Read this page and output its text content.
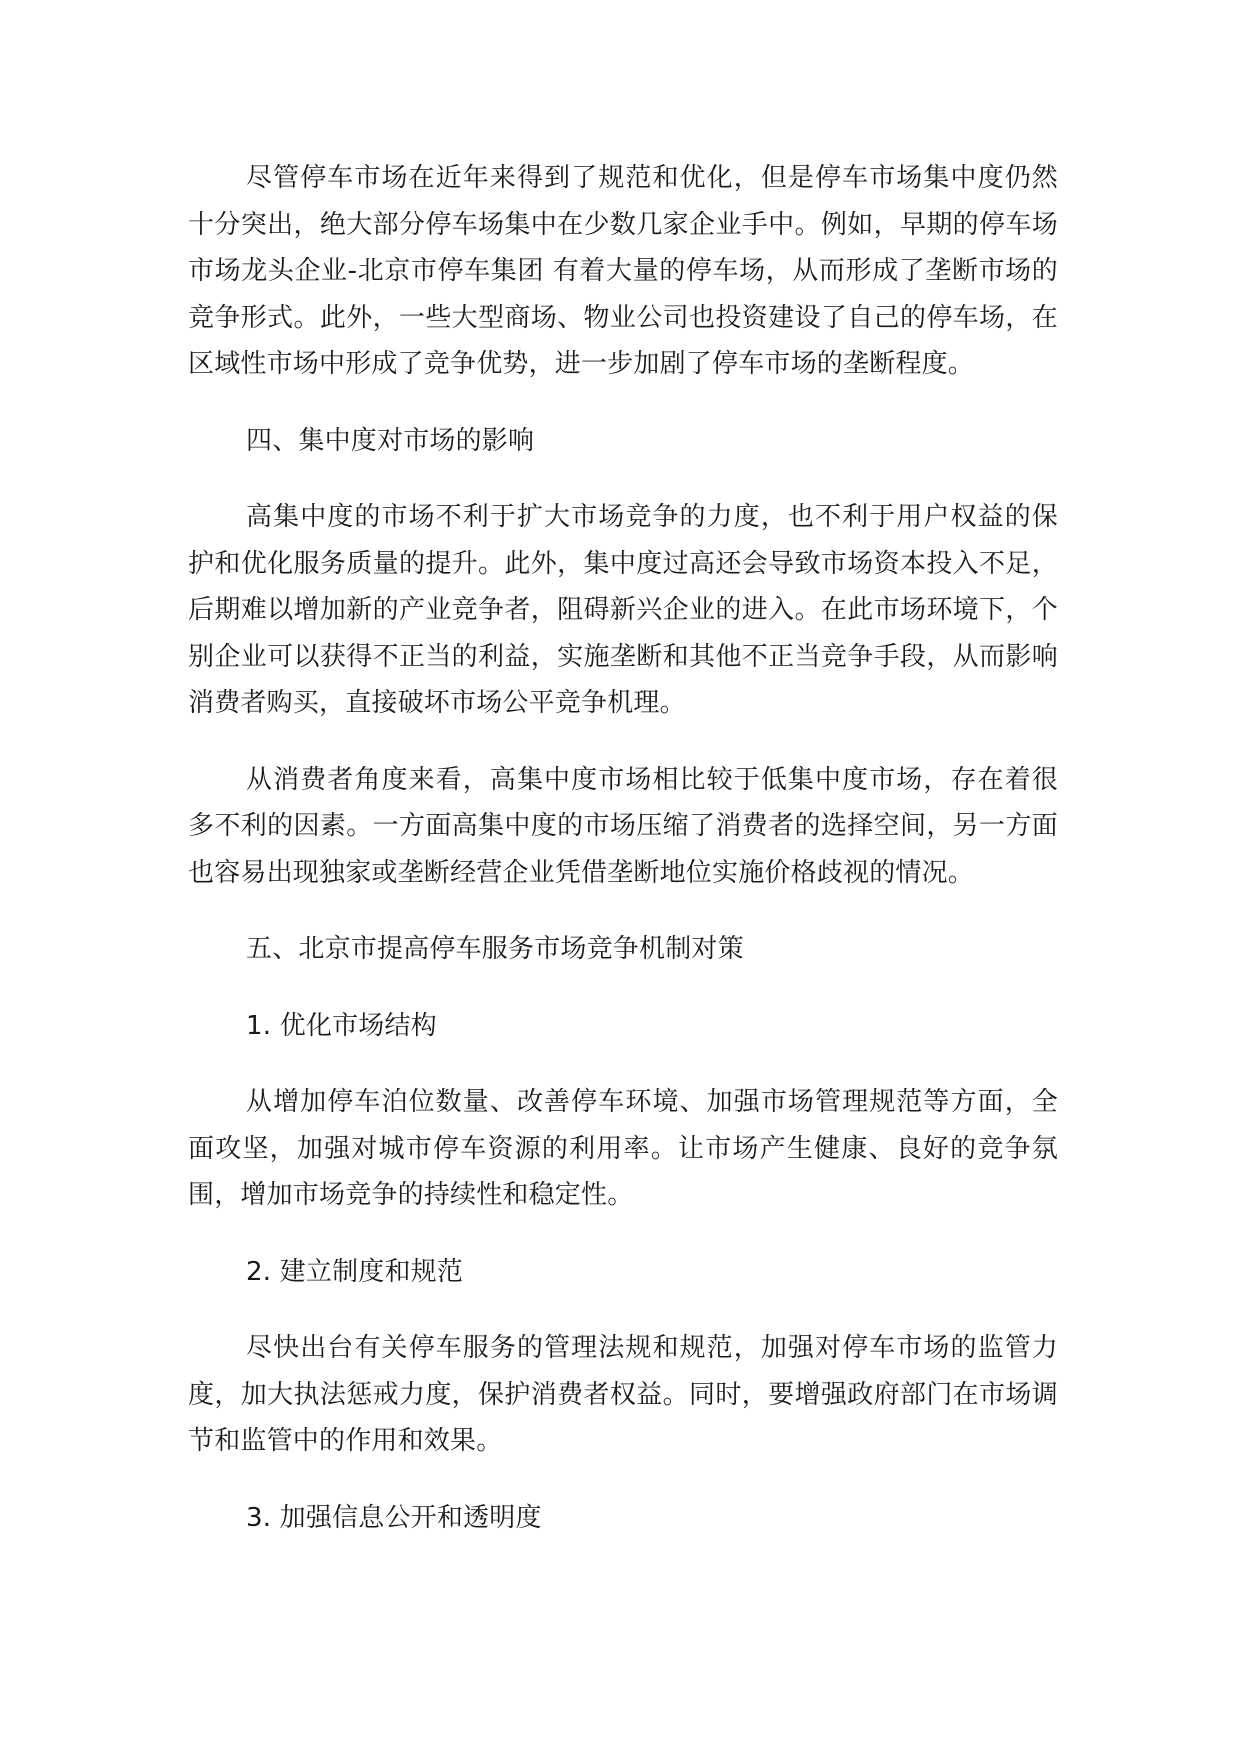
尽管停车市场在近年来得到了规范和优化，但是停车市场集中度仍然十分突出，绝大部分停车场集中在少数几家企业手中。例如，早期的停车场市场龙头企业-北京市停车集团 有着大量的停车场，从而形成了垄断市场的竞争形式。此外，一些大型商场、物业公司也投资建设了自己的停车场，在区域性市场中形成了竞争优势，进一步加剧了停车市场的垄断程度。

四、集中度对市场的影响

高集中度的市场不利于扩大市场竞争的力度，也不利于用户权益的保护和优化服务质量的提升。此外，集中度过高还会导致市场资本投入不足，后期难以增加新的产业竞争者，阻碍新兴企业的进入。在此市场环境下，个别企业可以获得不正当的利益，实施垄断和其他不正当竞争手段，从而影响消费者购买，直接破坏市场公平竞争机理。

从消费者角度来看，高集中度市场相比较于低集中度市场，存在着很多不利的因素。一方面高集中度的市场压缩了消费者的选择空间，另一方面也容易出现独家或垄断经营企业凭借垄断地位实施价格歧视的情况。

五、北京市提高停车服务市场竞争机制对策

1. 优化市场结构

从增加停车泊位数量、改善停车环境、加强市场管理规范等方面，全面攻坚，加强对城市停车资源的利用率。让市场产生健康、良好的竞争氛围，增加市场竞争的持续性和稳定性。

2. 建立制度和规范

尽快出台有关停车服务的管理法规和规范，加强对停车市场的监管力度，加大执法惩戒力度，保护消费者权益。同时，要增强政府部门在市场调节和监管中的作用和效果。

3. 加强信息公开和透明度
